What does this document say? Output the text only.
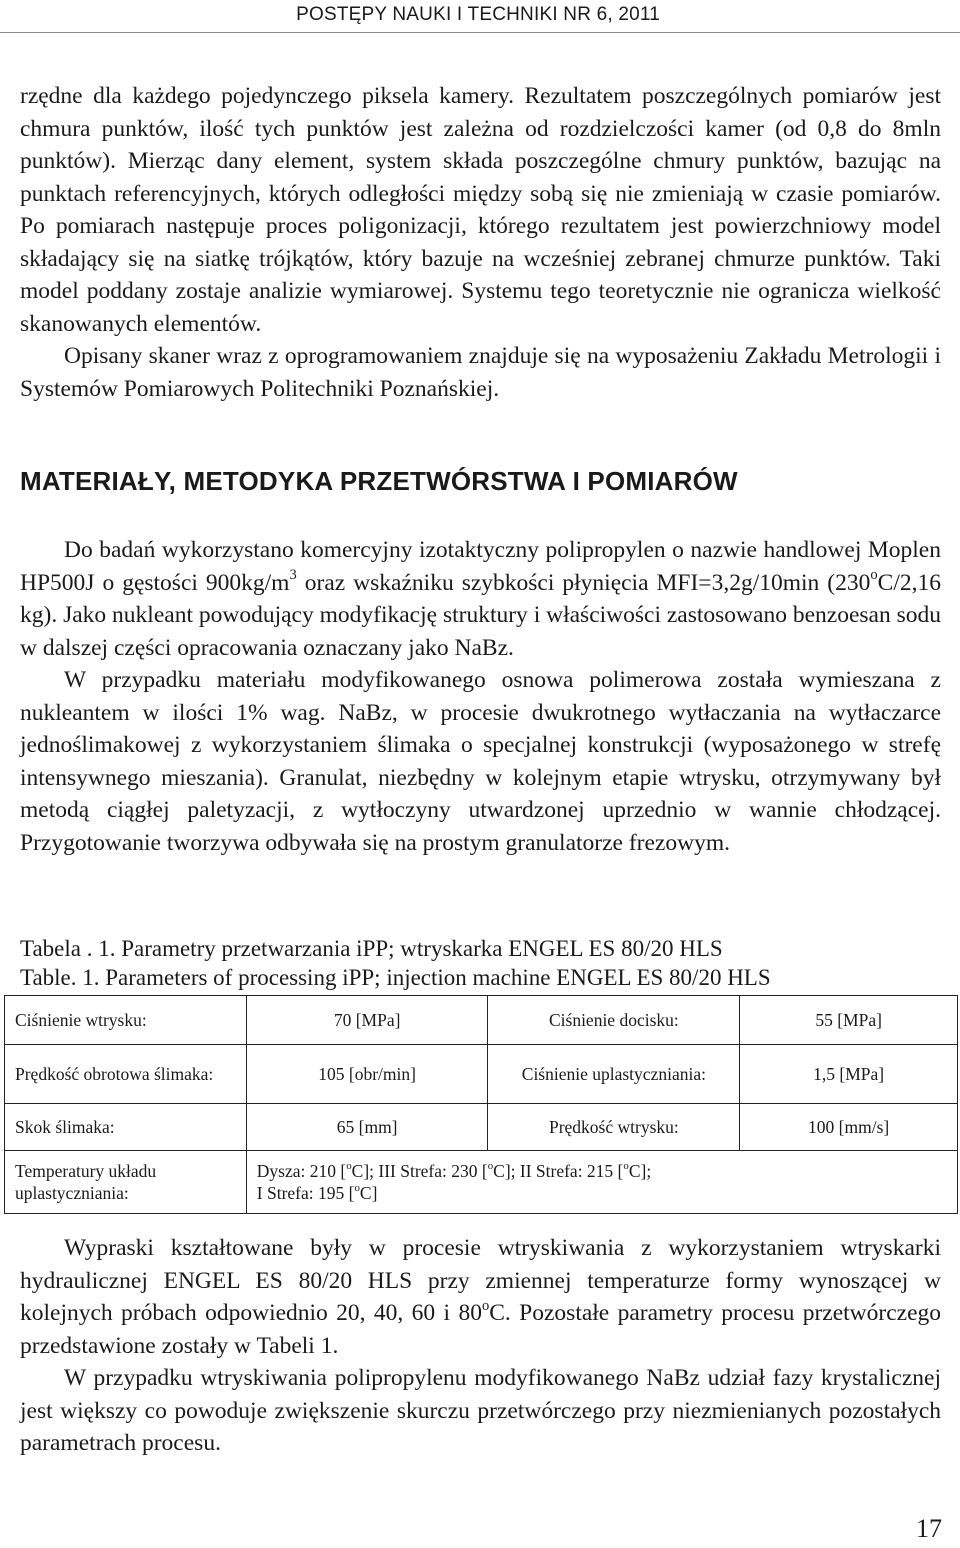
POSTĘPY NAUKI I TECHNIKI NR 6, 2011

rzędne dla każdego pojedynczego piksela kamery. Rezultatem poszczególnych pomiarów jest chmura punktów, ilość tych punktów jest zależna od rozdzielczości kamer (od 0,8 do 8mln punktów). Mierząc dany element, system składa poszczególne chmury punktów, bazując na punktach referencyjnych, których odległości między sobą się nie zmieniają w czasie pomiarów. Po pomiarach następuje proces poligonizacji, którego rezultatem jest powierzchniowy model składający się na siatkę trójkątów, który bazuje na wcześniej zebranej chmurze punktów. Taki model poddany zostaje analizie wymiarowej. Systemu tego teoretycznie nie ogranicza wielkość skanowanych elementów.

Opisany skaner wraz z oprogramowaniem znajduje się na wyposażeniu Zakładu Metrologii i Systemów Pomiarowych Politechniki Poznańskiej.

MATERIAŁY, METODYKA PRZETWÓRSTWA I POMIARÓW

Do badań wykorzystano komercyjny izotaktyczny polipropylen o nazwie handlowej Moplen HP500J o gęstości $900kg/m^3$ oraz wskaźniku szybkości płynięcia MFI=3,2g/10min (230$^o$C/2,16 kg). Jako nukleant powodujący modyfikację struktury i właściwości zastosowano benzoesan sodu w dalszej części opracowania oznaczany jako NaBz.

W przypadku materiału modyfikowanego osnowa polimerowa została wymieszana z nukleantem w ilości 1% wag. NaBz, w procesie dwukrotnego wytłaczania na wytłaczarce jednoślimakowej z wykorzystaniem ślimaka o specjalnej konstrukcji (wyposażonego w strefę intensywnego mieszania). Granulat, niezbędny w kolejnym etapie wtrysku, otrzymywany był metodą ciągłej paletyzacji, z wytłoczyny utwardzonej uprzednio w wannie chłodzącej. Przygotowanie tworzywa odbywała się na prostym granulatorze frezowym.

Tabela . 1. Parametry przetwarzania iPP; wtryskarka ENGEL ES 80/20 HLS
Table. 1. Parameters of processing iPP; injection machine ENGEL ES 80/20 HLS
Ciśnienie wtrysku:	70 [MPa]	Ciśnienie docisku:	55 [MPa]
Prędkość obrotowa ślimaka:	105 [obr/min]	Ciśnienie uplastyczniania:	1,5 [MPa]
Skok ślimaka:	65 [mm]	Prędkość wtrysku:	100 [mm/s]
Temperatury układu uplastyczniania:	Dysza: 210 [$^o$C]; III Strefa: 230 [$^o$C]; II Strefa: 215 [$^o$C];
I Strefa: 195 [$^o$C]		

Wypraski kształtowane były w procesie wtryskiwania z wykorzystaniem wtryskarki hydraulicznej ENGEL ES 80/20 HLS przy zmiennej temperaturze formy wynoszącej w kolejnych próbach odpowiednio 20, 40, 60 i 80$^o$C. Pozostałe parametry procesu przetwórczego przedstawione zostały w Tabeli 1.

W przypadku wtryskiwania polipropylenu modyfikowanego NaBz udział fazy krystalicznej jest większy co powoduje zwiększenie skurczu przetwórczego przy niezmienianych pozostałych parametrach procesu.

17
